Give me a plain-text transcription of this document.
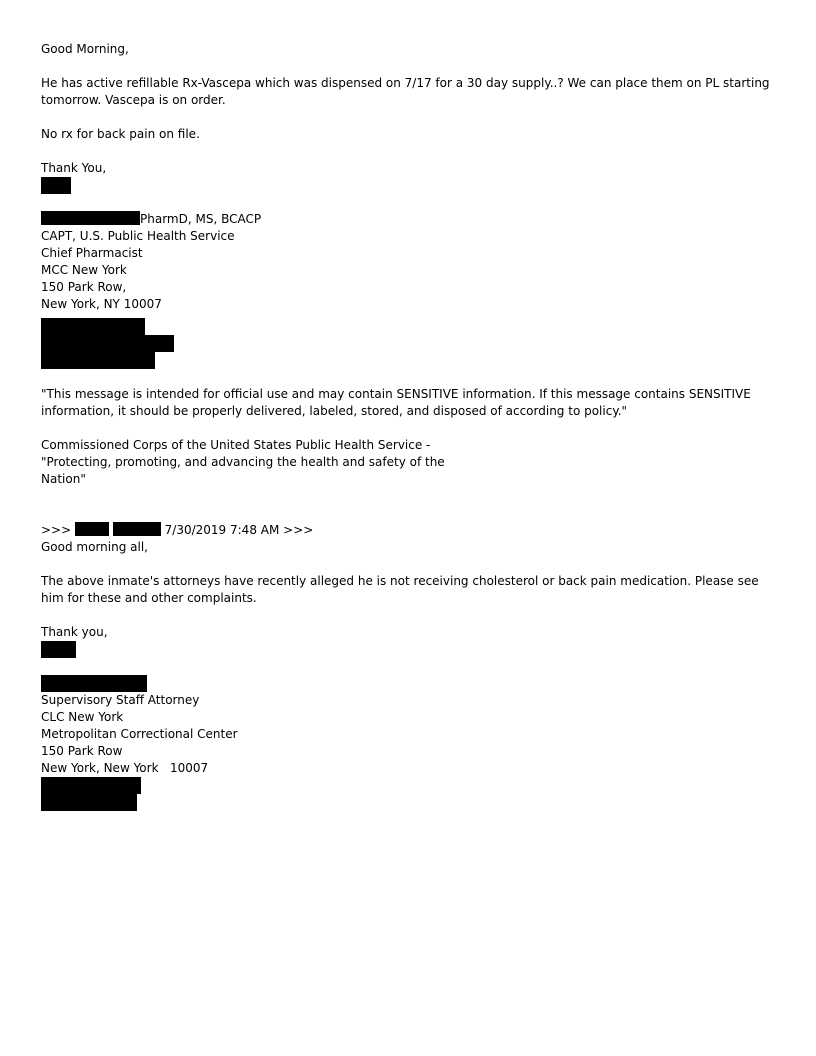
Good Morning,
He has active refillable Rx-Vascepa which was dispensed on 7/17 for a 30 day supply..? We can place them on PL starting tomorrow. Vascepa is on order.
No rx for back pain on file.
Thank You,
PharmD, MS, BCACP
CAPT, U.S. Public Health Service
Chief Pharmacist
MCC New York
150 Park Row,
New York, NY 10007
"This message is intended for official use and may contain SENSITIVE information. If this message contains SENSITIVE information, it should be properly delivered, labeled, stored, and disposed of according to policy."
Commissioned Corps of the United States Public Health Service -
"Protecting, promoting, and advancing the health and safety of the
Nation"
>>>	7/30/2019 7:48 AM >>>
Good morning all,
The above inmate's attorneys have recently alleged he is not receiving cholesterol or back pain medication. Please see him for these and other complaints.
Thank you,
Supervisory Staff Attorney
CLC New York
Metropolitan Correctional Center
150 Park Row
New York, New York   10007
